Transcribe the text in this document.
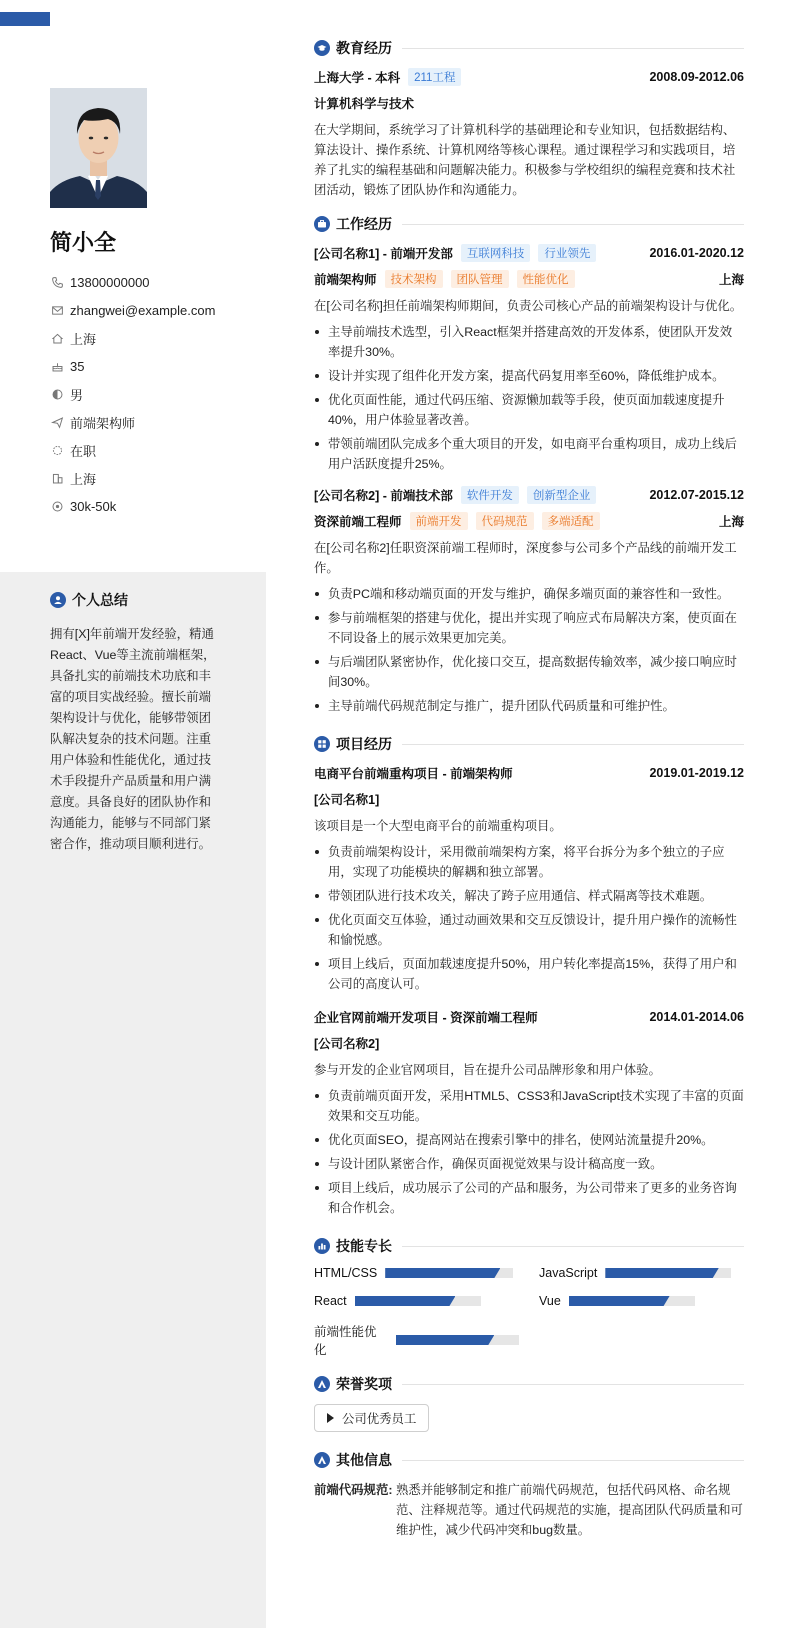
简小全
13800000000
zhangwei@example.com
上海
35
男
前端架构师
在职
上海
30k-50k
个人总结
拥有[X]年前端开发经验，精通React、Vue等主流前端框架，具备扎实的前端技术功底和丰富的项目实战经验。擅长前端架构设计与优化，能够带领团队解决复杂的技术问题。注重用户体验和性能优化，通过技术手段提升产品质量和用户满意度。具备良好的团队协作和沟通能力，能够与不同部门紧密合作，推动项目顺利进行。
教育经历
上海大学 - 本科	211工程	2008.09-2012.06
计算机科学与技术
在大学期间，系统学习了计算机科学的基础理论和专业知识，包括数据结构、算法设计、操作系统、计算机网络等核心课程。通过课程学习和实践项目，培养了扎实的编程基础和问题解决能力。积极参与学校组织的编程竞赛和技术社团活动，锻炼了团队协作和沟通能力。
工作经历
[公司名称1] - 前端开发部	互联网科技	行业领先	2016.01-2020.12
前端架构师	技术架构	团队管理	性能优化	上海
在[公司名称]担任前端架构师期间，负责公司核心产品的前端架构设计与优化。
主导前端技术选型，引入React框架并搭建高效的开发体系，使团队开发效率提升30%。
设计并实现了组件化开发方案，提高代码复用率至60%，降低维护成本。
优化页面性能，通过代码压缩、资源懒加载等手段，使页面加载速度提升40%，用户体验显著改善。
带领前端团队完成多个重大项目的开发，如电商平台重构项目，成功上线后用户活跃度提升25%。
[公司名称2] - 前端技术部	软件开发	创新型企业	2012.07-2015.12
资深前端工程师	前端开发	代码规范	多端适配	上海
在[公司名称2]任职资深前端工程师时，深度参与公司多个产品线的前端开发工作。
负责PC端和移动端页面的开发与维护，确保多端页面的兼容性和一致性。
参与前端框架的搭建与优化，提出并实现了响应式布局解决方案，使页面在不同设备上的展示效果更加完美。
与后端团队紧密协作，优化接口交互，提高数据传输效率，减少接口响应时间30%。
主导前端代码规范制定与推广，提升团队代码质量和可维护性。
项目经历
电商平台前端重构项目 - 前端架构师	2019.01-2019.12
[公司名称1]
该项目是一个大型电商平台的前端重构项目。
负责前端架构设计，采用微前端架构方案，将平台拆分为多个独立的子应用，实现了功能模块的解耦和独立部署。
带领团队进行技术攻关，解决了跨子应用通信、样式隔离等技术难题。
优化页面交互体验，通过动画效果和交互反馈设计，提升用户操作的流畅性和愉悦感。
项目上线后，页面加载速度提升50%，用户转化率提高15%，获得了用户和公司的高度认可。
企业官网前端开发项目 - 资深前端工程师	2014.01-2014.06
[公司名称2]
参与开发的企业官网项目，旨在提升公司品牌形象和用户体验。
负责前端页面开发，采用HTML5、CSS3和JavaScript技术实现了丰富的页面效果和交互功能。
优化页面SEO，提高网站在搜索引擎中的排名，使网站流量提升20%。
与设计团队紧密合作，确保页面视觉效果与设计稿高度一致。
项目上线后，成功展示了公司的产品和服务，为公司带来了更多的业务咨询和合作机会。
技能专长
HTML/CSS	JavaScript
React	Vue
前端性能优化
荣誉奖项
公司优秀员工
其他信息
前端代码规范: 熟悉并能够制定和推广前端代码规范，包括代码风格、命名规范、注释规范等。通过代码规范的实施，提高团队代码质量和可维护性，减少代码冲突和bug数量。
